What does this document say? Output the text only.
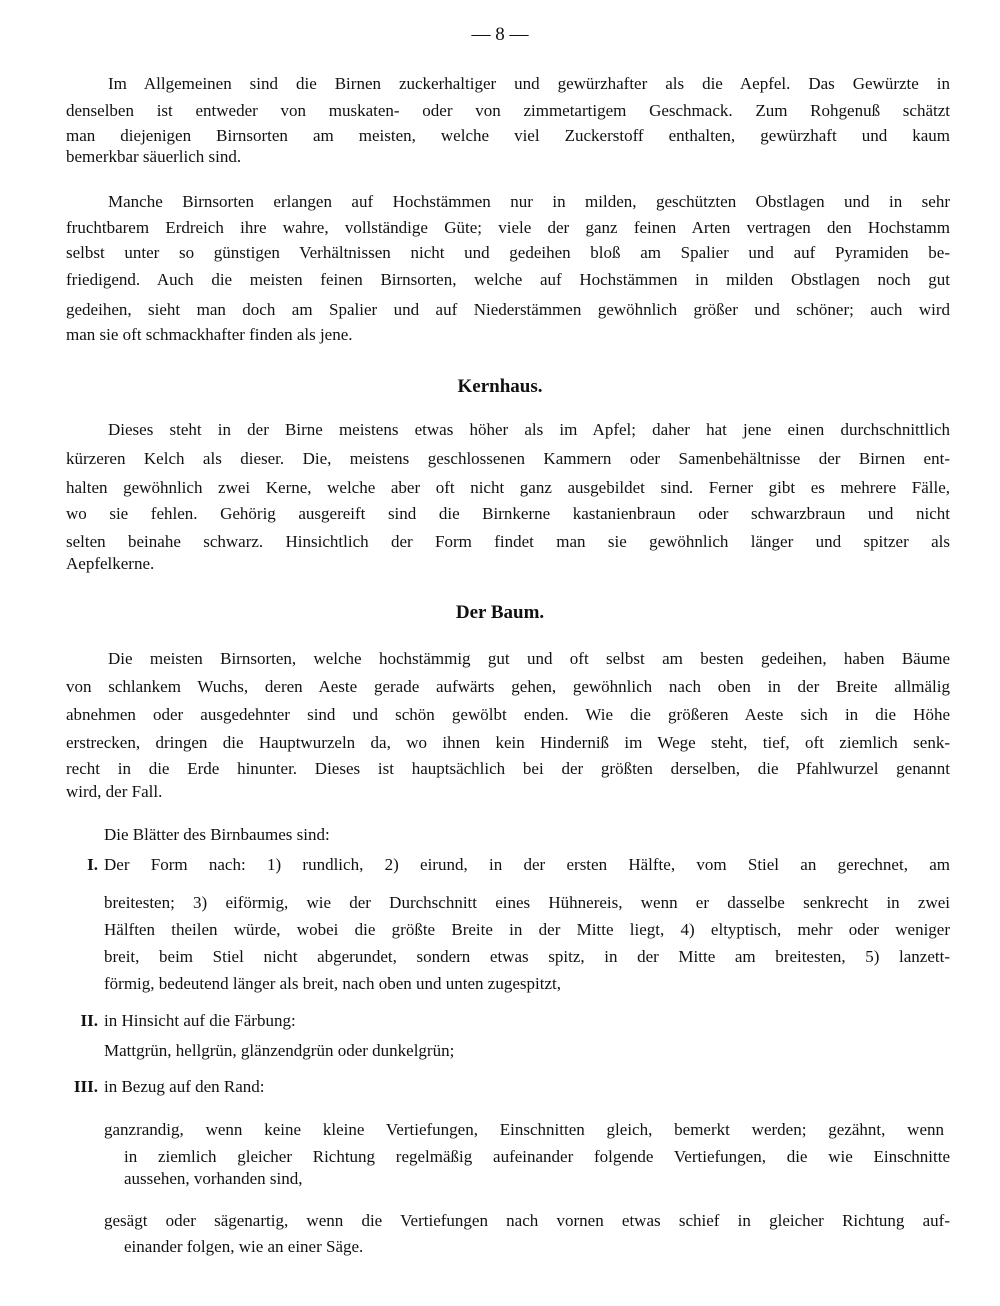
— 8 —
Im Allgemeinen sind die Birnen zuckerhaltiger und gewürzhafter als die Aepfel. Das Gewürzte in
denselben ist entweder von muskaten- oder von zimmetartigem Geschmack. Zum Rohgenuß schätzt
man diejenigen Birnsorten am meisten, welche viel Zuckerstoff enthalten, gewürzhaft und kaum
bemerkbar säuerlich sind.
Manche Birnsorten erlangen auf Hochstämmen nur in milden, geschützten Obstlagen und in sehr
fruchtbarem Erdreich ihre wahre, vollständige Güte; viele der ganz feinen Arten vertragen den Hochstamm
selbst unter so günstigen Verhältnissen nicht und gedeihen bloß am Spalier und auf Pyramiden be-
friedigend. Auch die meisten feinen Birnsorten, welche auf Hochstämmen in milden Obstlagen noch gut
gedeihen, sieht man doch am Spalier und auf Niederstämmen gewöhnlich größer und schöner; auch wird
man sie oft schmackhafter finden als jene.
Kernhaus.
Dieses steht in der Birne meistens etwas höher als im Apfel; daher hat jene einen durchschnittlich
kürzeren Kelch als dieser. Die, meistens geschlossenen Kammern oder Samenbehältnisse der Birnen ent-
halten gewöhnlich zwei Kerne, welche aber oft nicht ganz ausgebildet sind. Ferner gibt es mehrere Fälle,
wo sie fehlen. Gehörig ausgereift sind die Birnkerne kastanienbraun oder schwarzbraun und nicht
selten beinahe schwarz. Hinsichtlich der Form findet man sie gewöhnlich länger und spitzer als
Aepfelkerne.
Der Baum.
Die meisten Birnsorten, welche hochstämmig gut und oft selbst am besten gedeihen, haben Bäume
von schlankem Wuchs, deren Aeste gerade aufwärts gehen, gewöhnlich nach oben in der Breite allmälig
abnehmen oder ausgedehnter sind und schön gewölbt enden. Wie die größeren Aeste sich in die Höhe
erstrecken, dringen die Hauptwurzeln da, wo ihnen kein Hinderniß im Wege steht, tief, oft ziemlich senk-
recht in die Erde hinunter. Dieses ist hauptsächlich bei der größten derselben, die Pfahlwurzel genannt
wird, der Fall.
Die Blätter des Birnbaumes sind:
I. Der Form nach: 1) rundlich, 2) eirund, in der ersten Hälfte, vom Stiel an gerechnet, am
breitesten; 3) eiförmig, wie der Durchschnitt eines Hühnereis, wenn er dasselbe senkrecht in zwei
Hälften theilen würde, wobei die größte Breite in der Mitte liegt, 4) eltyptisch, mehr oder weniger
breit, beim Stiel nicht abgerundet, sondern etwas spitz, in der Mitte am breitesten, 5) lanzett-
förmig, bedeutend länger als breit, nach oben und unten zugespitzt,
II. in Hinsicht auf die Färbung:
Mattgrün, hellgrün, glänzendgrün oder dunkelgrün;
III. in Bezug auf den Rand:
ganzrandig, wenn keine kleine Vertiefungen, Einschnitten gleich, bemerkt werden; gezähnt, wenn
in ziemlich gleicher Richtung regelmäßig aufeinander folgende Vertiefungen, die wie Einschnitte
aussehen, vorhanden sind,
gesägt oder sägenartig, wenn die Vertiefungen nach vornen etwas schief in gleicher Richtung auf-
einander folgen, wie an einer Säge.
